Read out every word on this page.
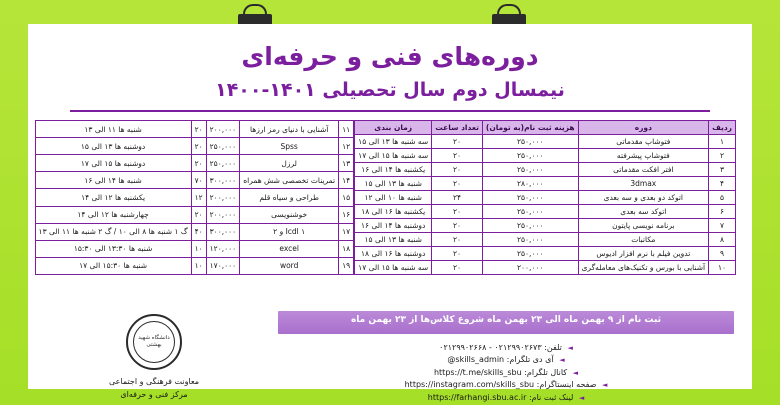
دوره‌های فنی و حرفه‌ای
نیمسال دوم سال تحصیلی ۱۴۰۱-۱۴۰۰
ردیف	دوره	هزینه ثبت نام(به تومان)	تعداد ساعت	زمان بندی
۱	فتوشاپ مقدماتی	۲۵۰,۰۰۰	۲۰	سه شنبه ها ۱۳ الی ۱۵
۲	فتوشاپ پیشرفته	۲۵۰,۰۰۰	۲۰	سه شنبه ها ۱۵ الی ۱۷
۳	افتر افکت مقدماتی	۲۵۰,۰۰۰	۲۰	یکشنبه ها ۱۴ الی ۱۶
۴	3dmax	۲۸۰,۰۰۰	۲۰	شنبه ها ۱۳ الی ۱۵
۵	اتوکد دو بعدی و سه بعدی	۲۵۰,۰۰۰	۲۴	شنبه ها ۱۰ الی ۱۲
۶	اتوکد سه بعدی	۲۵۰,۰۰۰	۲۰	یکشنبه ها ۱۶ الی ۱۸
۷	برنامه نویسی پایتون	۲۵۰,۰۰۰	۲۰	دوشنبه ها ۱۴ الی ۱۶
۸	مکاتبات	۲۵۰,۰۰۰	۲۰	شنبه ها ۱۳ الی ۱۵
۹	تدوین فیلم با نرم افزار ادیوس	۲۵۰,۰۰۰	۲۰	دوشنبه ها ۱۶ الی ۱۸
۱۰	آشنایی با بورس و تکنیک‌های معامله‌گری	۲۰۰,۰۰۰	۲۰	سه شنبه ها ۱۵ الی ۱۷
۱۱	آشنایی با دنیای رمز ارزها	۲۰۰,۰۰۰	۲۰	شنبه ها ۱۱ الی ۱۳
۱۲	Spss	۲۵۰,۰۰۰	۲۰	دوشنبه ها ۱۳ الی ۱۵
۱۳	لرزل	۲۵۰,۰۰۰	۲۰	دوشنبه ها ۱۵ الی ۱۷
۱۴	تمرینات تخصصی شش همراه	۳۰۰,۰۰۰	۷۰	شنبه ها ۱۴ الی ۱۶
۱۵	طراحی و سیاه قلم	۲۰۰,۰۰۰	۱۲	یکشنبه ها ۱۲ الی ۱۴
۱۶	خوشنویسی	۲۰۰,۰۰۰	۲۰	چهارشنبه ها ۱۲ الی ۱۴
۱۷	Icdl ۱ و ۲	۳۰۰,۰۰۰	۴۰	گ ۱ شنبه ها ۸ الی ۱۰ / گ ۲ شنبه ها ۱۱ الی ۱۳
۱۸	excel	۱۲۰,۰۰۰	۱۰	شنبه ها ۱۳:۳۰ الی ۱۵:۳۰
۱۹	word	۱۷۰,۰۰۰	۱۰	شنبه ها ۱۵:۳۰ الی ۱۷
ثبت نام از ۹ بهمن ماه الی ۲۳ بهمن ماه شروع کلاس‌ها از ۲۳ بهمن ماه
◄ تلفن: ۰۲۱۲۹۹۰۲۶۶۸ - ۰۲۱۲۹۹۰۲۶۷۳
◄ آی دی تلگرام: @skills_admin
◄ کانال تلگرام: https://t.me/skills_sbu
◄ صفحه اینستاگرام: https://instagram.com/skills_sbu
◄ لینک ثبت نام: https://farhangi.sbu.ac.ir
دانشگاه شهید بهشتی
معاونت فرهنگی و اجتماعی
مرکز فنی و حرفه‌ای
